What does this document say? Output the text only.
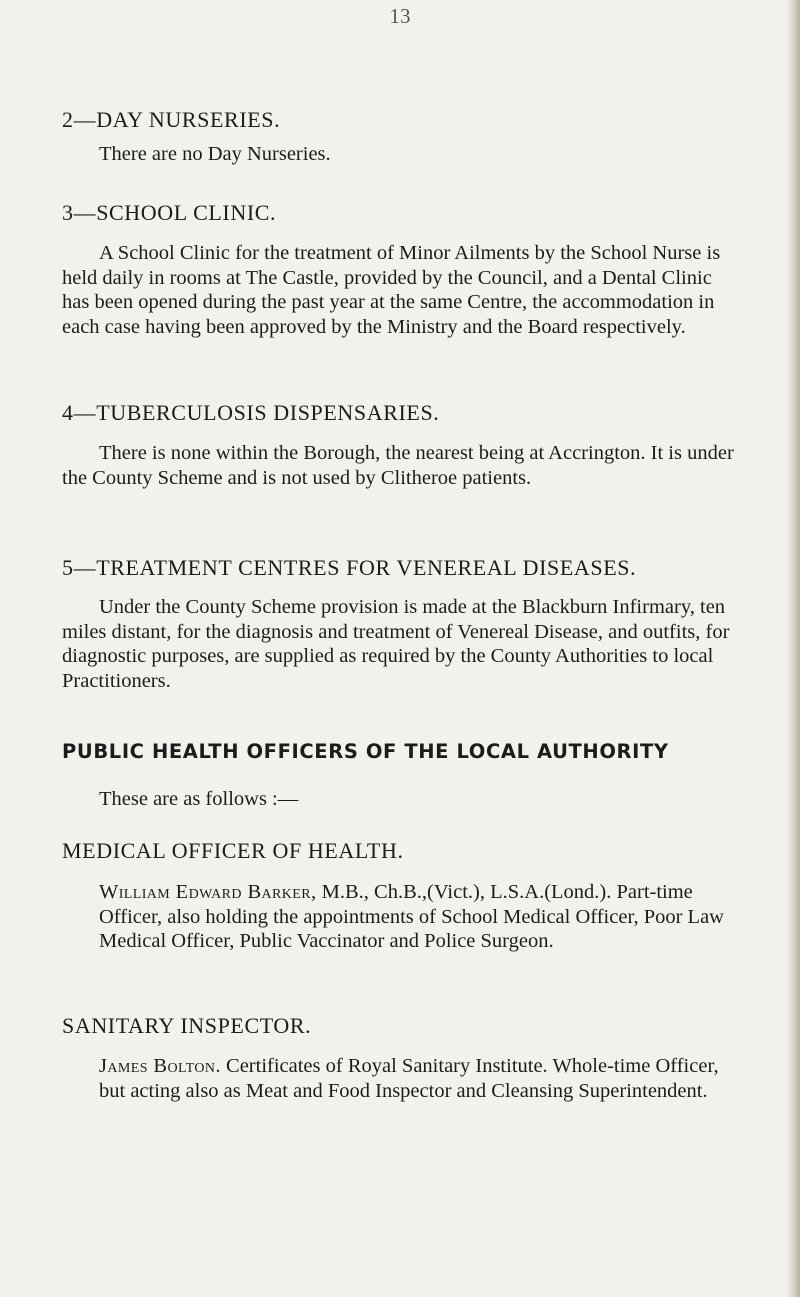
13
2—DAY NURSERIES.
There are no Day Nurseries.
3—SCHOOL CLINIC.
A School Clinic for the treatment of Minor Ailments by the School Nurse is held daily in rooms at The Castle, provided by the Council, and a Dental Clinic has been opened during the past year at the same Centre, the accommodation in each case having been approved by the Ministry and the Board respectively.
4—TUBERCULOSIS DISPENSARIES.
There is none within the Borough, the nearest being at Accrington. It is under the County Scheme and is not used by Clitheroe patients.
5—TREATMENT CENTRES FOR VENEREAL DISEASES.
Under the County Scheme provision is made at the Blackburn Infirmary, ten miles distant, for the diagnosis and treatment of Venereal Disease, and outfits, for diagnostic purposes, are supplied as required by the County Authorities to local Practitioners.
PUBLIC HEALTH OFFICERS OF THE LOCAL AUTHORITY
These are as follows :—
MEDICAL OFFICER OF HEALTH.
William Edward Barker, M.B., Ch.B.,(Vict.), L.S.A.(Lond.). Part-time Officer, also holding the appointments of School Medical Officer, Poor Law Medical Officer, Public Vaccinator and Police Surgeon.
SANITARY INSPECTOR.
James Bolton. Certificates of Royal Sanitary Institute. Whole-time Officer, but acting also as Meat and Food Inspector and Cleansing Superintendent.
